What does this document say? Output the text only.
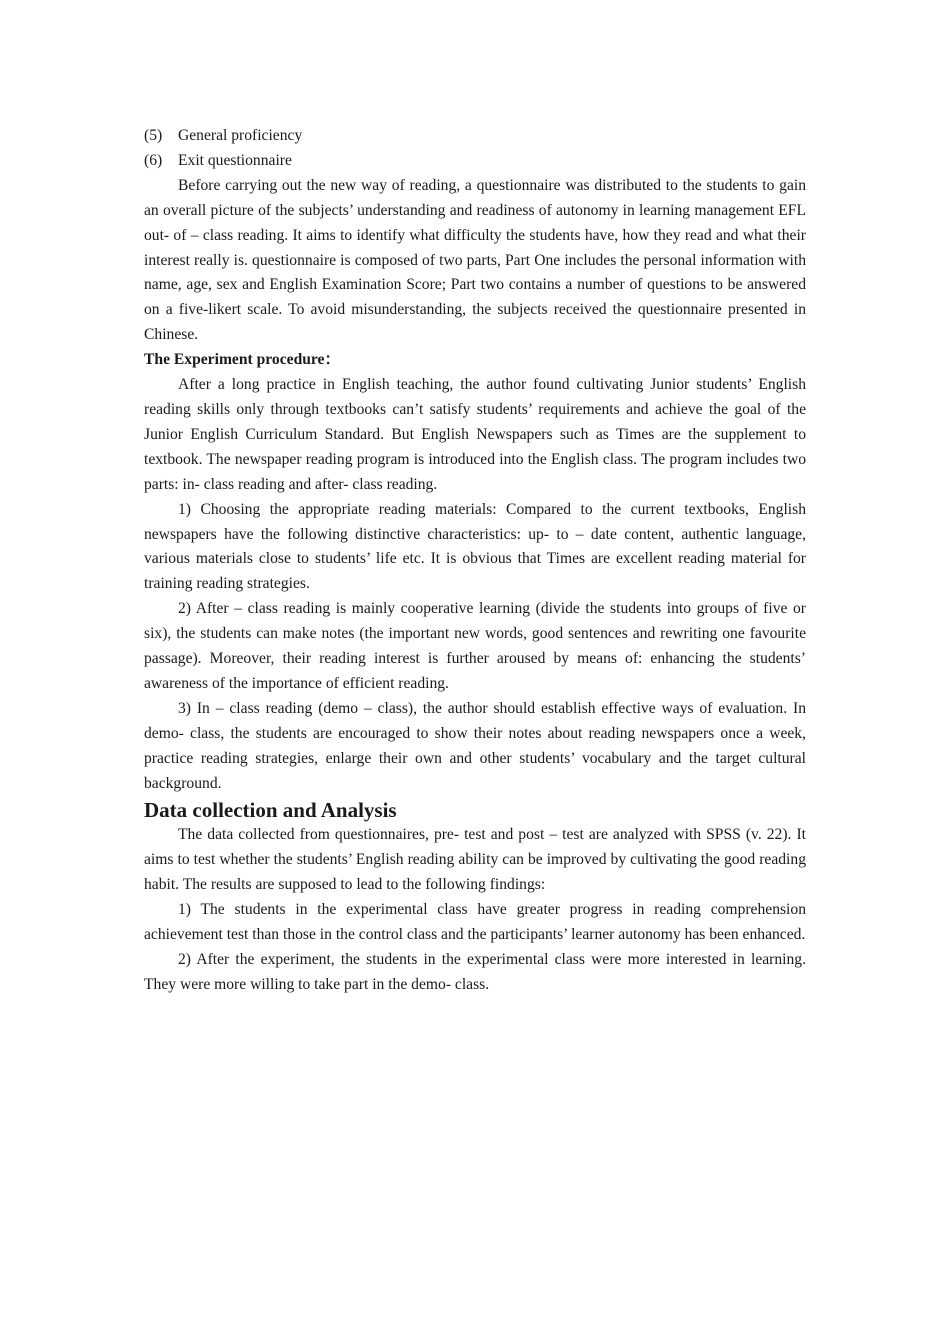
(5) General proficiency
(6) Exit questionnaire

Before carrying out the new way of reading, a questionnaire was distributed to the students to gain an overall picture of the subjects’ understanding and readiness of autonomy in learning management EFL out- of – class reading. It aims to identify what difficulty the students have, how they read and what their interest really is. questionnaire is composed of two parts, Part One includes the personal information with name, age, sex and English Examination Score; Part two contains a number of questions to be answered on a five-likert scale. To avoid misunderstanding, the subjects received the questionnaire presented in Chinese.

The Experiment procedure：

After a long practice in English teaching, the author found cultivating Junior students’ English reading skills only through textbooks can’t satisfy students’ requirements and achieve the goal of the Junior English Curriculum Standard. But English Newspapers such as Times are the supplement to textbook. The newspaper reading program is introduced into the English class. The program includes two parts: in- class reading and after- class reading.

1) Choosing the appropriate reading materials: Compared to the current textbooks, English newspapers have the following distinctive characteristics: up- to – date content, authentic language, various materials close to students’ life etc. It is obvious that Times are excellent reading material for training reading strategies.

2) After – class reading is mainly cooperative learning (divide the students into groups of five or six), the students can make notes (the important new words, good sentences and rewriting one favourite passage). Moreover, their reading interest is further aroused by means of: enhancing the students’ awareness of the importance of efficient reading.

3) In – class reading (demo – class), the author should establish effective ways of evaluation. In demo- class, the students are encouraged to show their notes about reading newspapers once a week, practice reading strategies, enlarge their own and other students’ vocabulary and the target cultural background.

Data collection and Analysis

The data collected from questionnaires, pre- test and post – test are analyzed with SPSS (v. 22). It aims to test whether the students’ English reading ability can be improved by cultivating the good reading habit. The results are supposed to lead to the following findings:

1) The students in the experimental class have greater progress in reading comprehension achievement test than those in the control class and the participants’ learner autonomy has been enhanced.

2) After the experiment, the students in the experimental class were more interested in learning. They were more willing to take part in the demo- class.
